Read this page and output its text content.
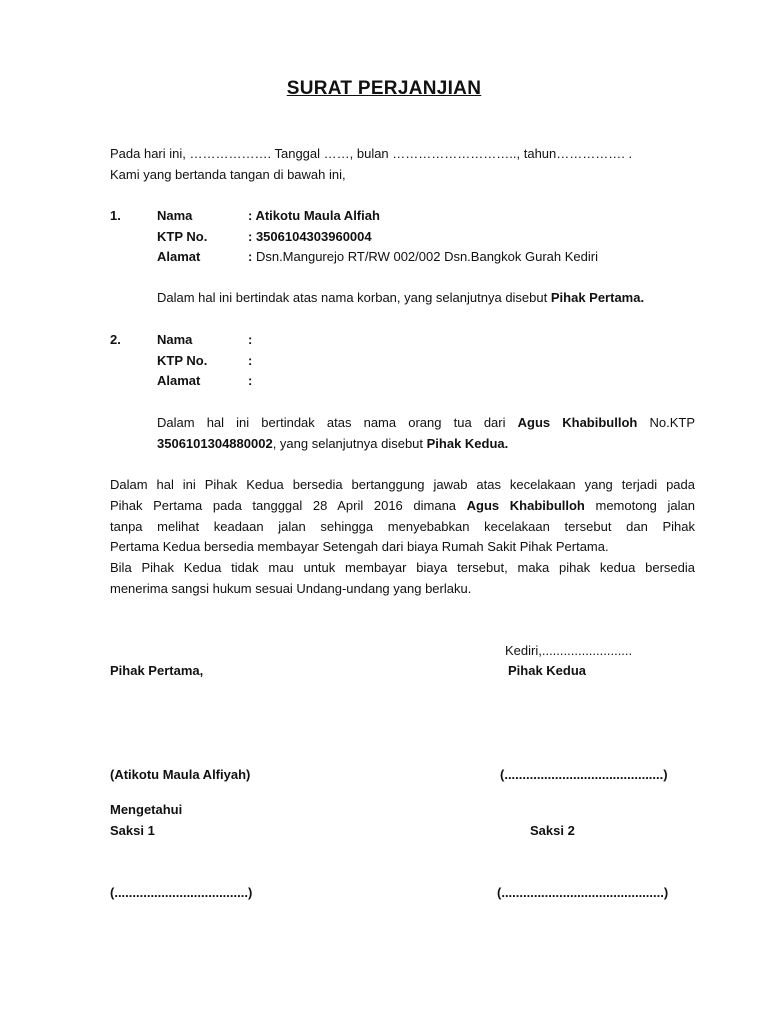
SURAT PERJANJIAN
Pada hari ini, ………………. Tanggal ……, bulan ……………………….., tahun……………. .
Kami yang bertanda tangan di bawah ini,
1.	Nama	: Atikotu Maula Alfiah
KTP No.	: 3506104303960004
Alamat	: Dsn.Mangurejo RT/RW 002/002 Dsn.Bangkok Gurah Kediri
Dalam hal ini bertindak atas nama korban, yang selanjutnya disebut Pihak Pertama.
2.	Nama	:
KTP No.	:
Alamat	:
Dalam hal ini bertindak atas nama orang tua dari Agus Khabibulloh No.KTP
3506101304880002, yang selanjutnya disebut Pihak Kedua.
Dalam hal ini Pihak Kedua bersedia bertanggung jawab atas kecelakaan yang terjadi pada
Pihak Pertama pada tangggal 28 April 2016 dimana Agus Khabibulloh memotong jalan
tanpa melihat keadaan jalan sehingga menyebabkan kecelakaan tersebut dan Pihak
Pertama Kedua bersedia membayar Setengah dari biaya Rumah Sakit Pihak Pertama.
Bila Pihak Kedua tidak mau untuk membayar biaya tersebut, maka pihak kedua bersedia
menerima sangsi hukum sesuai Undang-undang yang berlaku.
Kediri,.........................
Pihak Pertama,	Pihak Kedua
(Atikotu Maula Alfiyah)	(............................................)
Mengetahui
Saksi 1	Saksi 2
(.....................................)	(.............................................)
